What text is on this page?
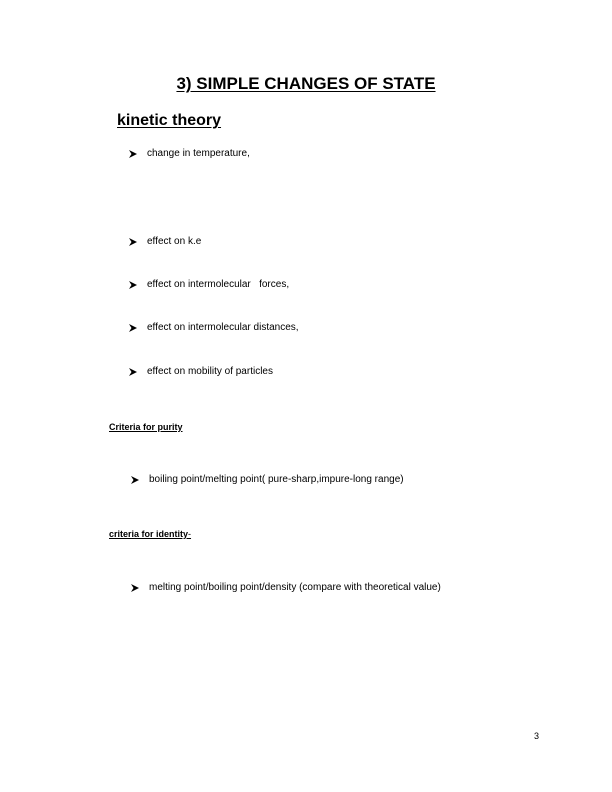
3) SIMPLE CHANGES OF STATE
kinetic theory
change in temperature,
effect on k.e
effect on intermolecular   forces,
effect on intermolecular distances,
effect on mobility of particles
Criteria for purity
boiling point/melting point( pure-sharp,impure-long range)
criteria for identity-
melting point/boiling point/density (compare with theoretical value)
3
